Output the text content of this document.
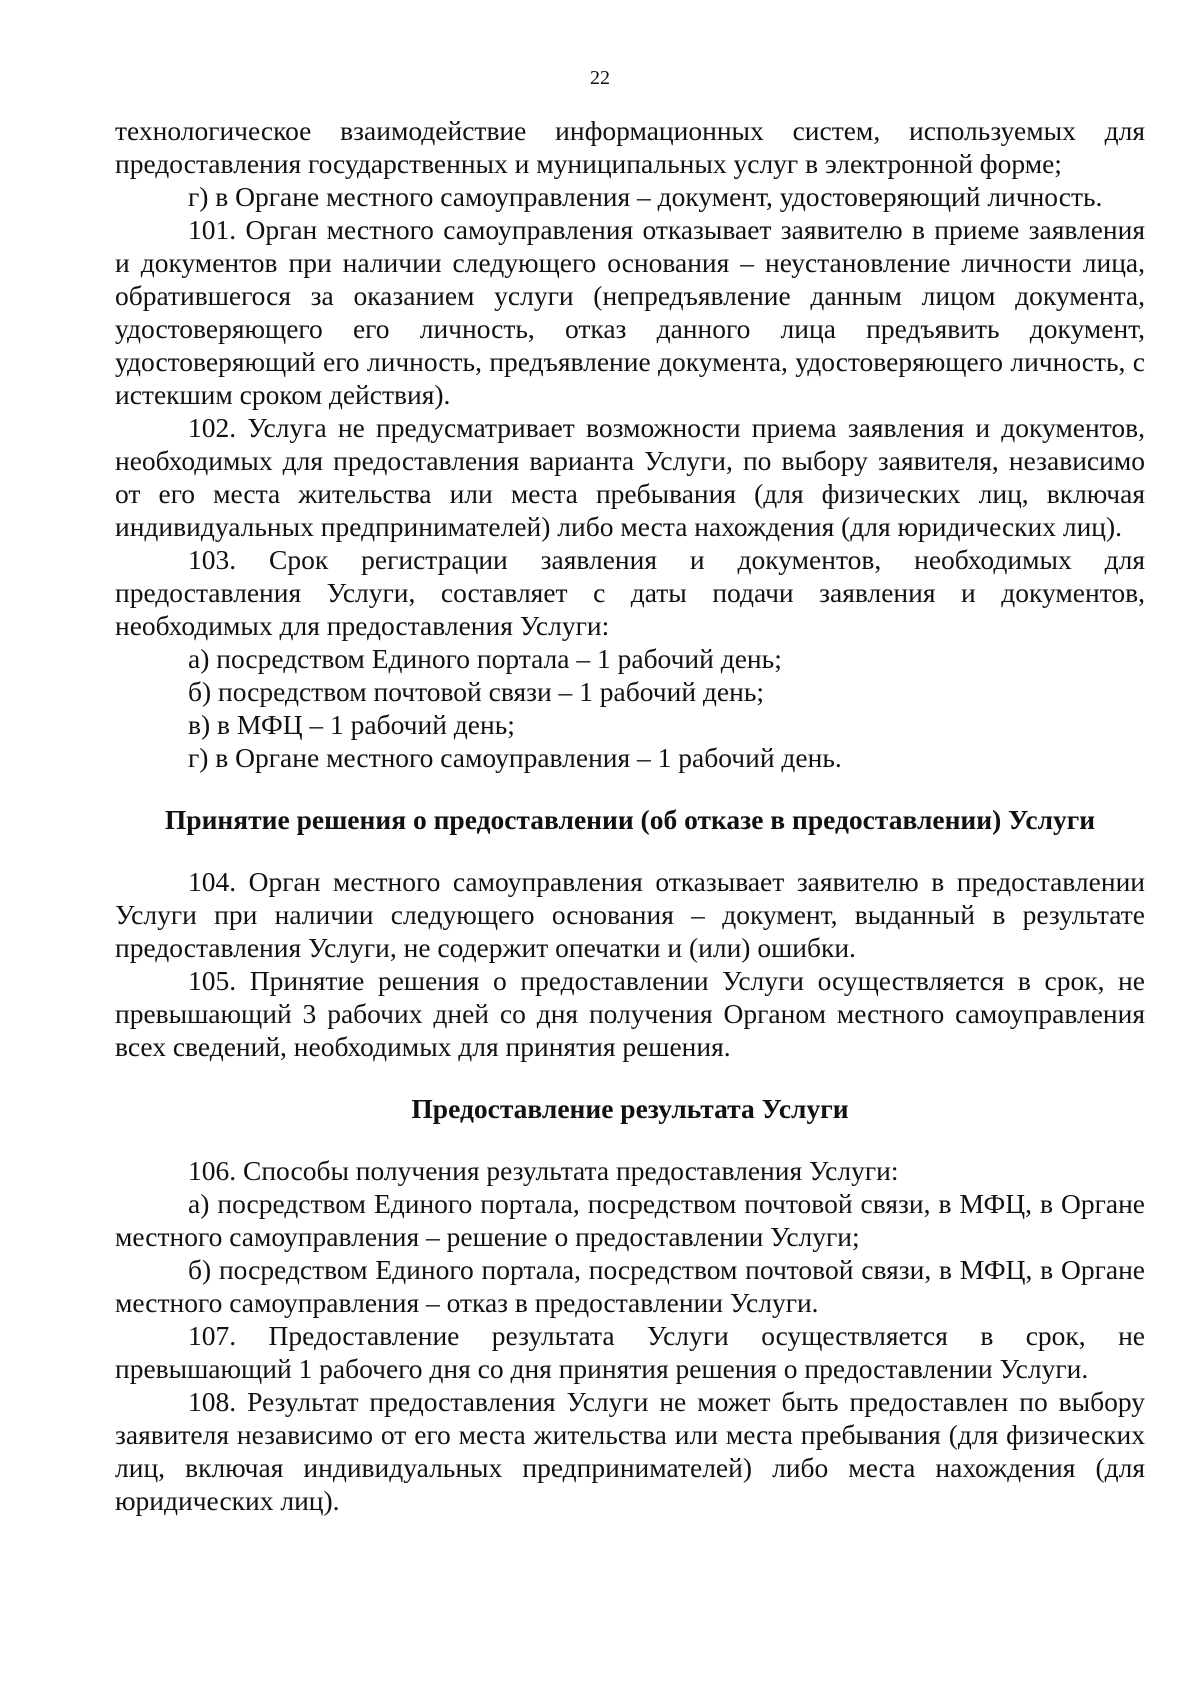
22

технологическое взаимодействие информационных систем, используемых для предоставления государственных и муниципальных услуг в электронной форме;

г) в Органе местного самоуправления – документ, удостоверяющий личность.

101. Орган местного самоуправления отказывает заявителю в приеме заявления и документов при наличии следующего основания – неустановление личности лица, обратившегося за оказанием услуги (непредъявление данным лицом документа, удостоверяющего его личность, отказ данного лица предъявить документ, удостоверяющий его личность, предъявление документа, удостоверяющего личность, с истекшим сроком действия).

102. Услуга не предусматривает возможности приема заявления и документов, необходимых для предоставления варианта Услуги, по выбору заявителя, независимо от его места жительства или места пребывания (для физических лиц, включая индивидуальных предпринимателей) либо места нахождения (для юридических лиц).

103. Срок регистрации заявления и документов, необходимых для предоставления Услуги, составляет с даты подачи заявления и документов, необходимых для предоставления Услуги:

а) посредством Единого портала – 1 рабочий день;

б) посредством почтовой связи – 1 рабочий день;

в) в МФЦ – 1 рабочий день;

г) в Органе местного самоуправления – 1 рабочий день.

Принятие решения о предоставлении (об отказе в предоставлении) Услуги

104. Орган местного самоуправления отказывает заявителю в предоставлении Услуги при наличии следующего основания – документ, выданный в результате предоставления Услуги, не содержит опечатки и (или) ошибки.

105. Принятие решения о предоставлении Услуги осуществляется в срок, не превышающий 3 рабочих дней со дня получения Органом местного самоуправления всех сведений, необходимых для принятия решения.

Предоставление результата Услуги

106. Способы получения результата предоставления Услуги:

а) посредством Единого портала, посредством почтовой связи, в МФЦ, в Органе местного самоуправления – решение о предоставлении Услуги;

б) посредством Единого портала, посредством почтовой связи, в МФЦ, в Органе местного самоуправления – отказ в предоставлении Услуги.

107. Предоставление результата Услуги осуществляется в срок, не превышающий 1 рабочего дня со дня принятия решения о предоставлении Услуги.

108. Результат предоставления Услуги не может быть предоставлен по выбору заявителя независимо от его места жительства или места пребывания (для физических лиц, включая индивидуальных предпринимателей) либо места нахождения (для юридических лиц).
